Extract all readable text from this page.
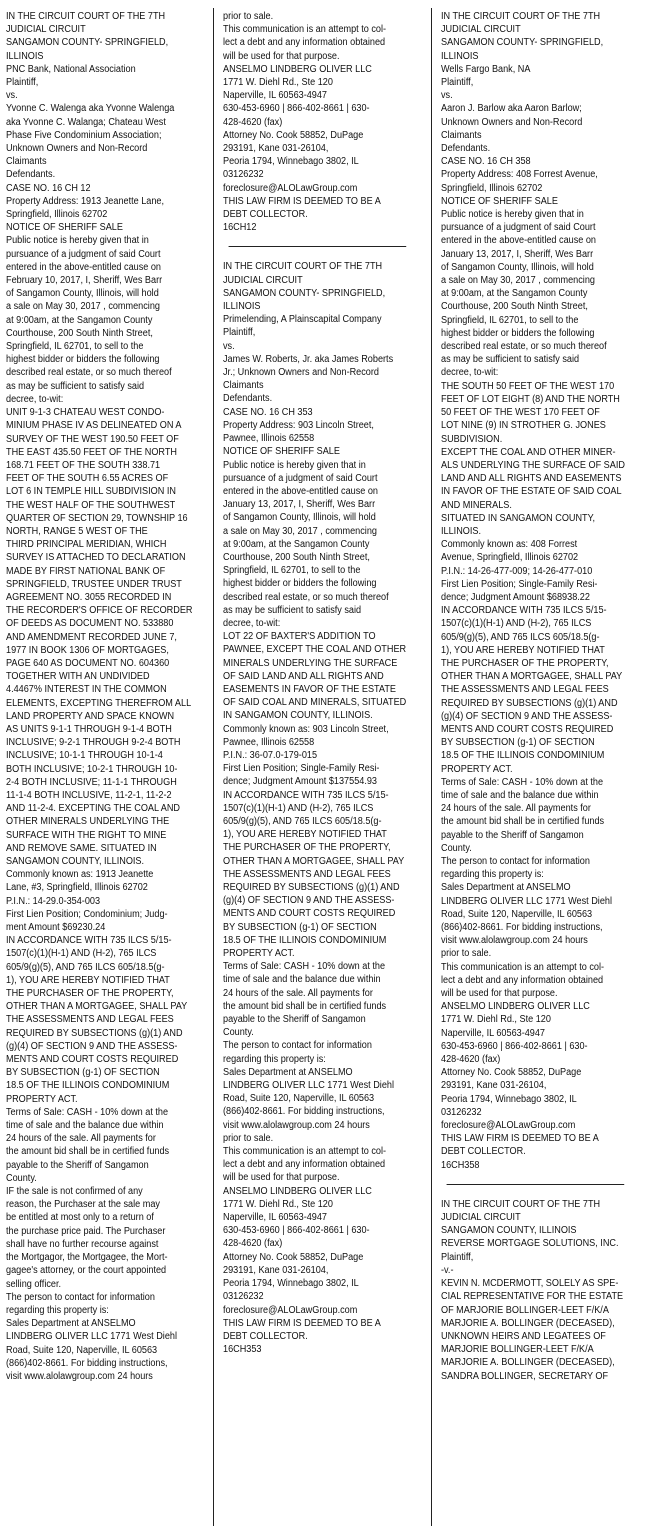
IN THE CIRCUIT COURT OF THE 7TH
JUDICIAL CIRCUIT
SANGAMON COUNTY- SPRINGFIELD,
ILLINOIS
PNC Bank, National Association
Plaintiff,
vs.
Yvonne C. Walenga aka Yvonne Walenga
aka Yvonne C. Walanga; Chateau West
Phase Five Condominium Association;
Unknown Owners and Non-Record
Claimants
Defendants.
CASE NO. 16 CH 12
Property Address: 1913 Jeanette Lane,
Springfield, Illinois 62702
NOTICE OF SHERIFF SALE
Public notice is hereby given that in
pursuance of a judgment of said Court
entered in the above-entitled cause on
February 10, 2017, I, Sheriff, Wes Barr
of Sangamon County, Illinois, will hold
a sale on May 30, 2017 , commencing
at 9:00am, at the Sangamon County
Courthouse, 200 South Ninth Street,
Springfield, IL 62701, to sell to the
highest bidder or bidders the following
described real estate, or so much thereof
as may be sufficient to satisfy said
decree, to-wit:
UNIT 9-1-3 CHATEAU WEST CONDO-
MINIUM PHASE IV AS DELINEATED ON A
SURVEY OF THE WEST 190.50 FEET OF
THE EAST 435.50 FEET OF THE NORTH
168.71 FEET OF THE SOUTH 338.71
FEET OF THE SOUTH 6.55 ACRES OF
LOT 6 IN TEMPLE HILL SUBDIVISION IN
THE WEST HALF OF THE SOUTHWEST
QUARTER OF SECTION 29, TOWNSHIP 16
NORTH, RANGE 5 WEST OF THE
THIRD PRINCIPAL MERIDIAN, WHICH
SURVEY IS ATTACHED TO DECLARATION
MADE BY FIRST NATIONAL BANK OF
SPRINGFIELD, TRUSTEE UNDER TRUST
AGREEMENT NO. 3055 RECORDED IN
THE RECORDER'S OFFICE OF RECORDER
OF DEEDS AS DOCUMENT NO. 533880
AND AMENDMENT RECORDED JUNE 7,
1977 IN BOOK 1306 OF MORTGAGES,
PAGE 640 AS DOCUMENT NO. 604360
TOGETHER WITH AN UNDIVIDED
4.4467% INTEREST IN THE COMMON
ELEMENTS, EXCEPTING THEREFROM ALL
LAND PROPERTY AND SPACE KNOWN
AS UNITS 9-1-1 THROUGH 9-1-4 BOTH
INCLUSIVE; 9-2-1 THROUGH 9-2-4 BOTH
INCLUSIVE; 10-1-1 THROUGH 10-1-4
BOTH INCLUSIVE; 10-2-1 THROUGH 10-
2-4 BOTH INCLUSIVE; 11-1-1 THROUGH
11-1-4 BOTH INCLUSIVE, 11-2-1, 11-2-2
AND 11-2-4. EXCEPTING THE COAL AND
OTHER MINERALS UNDERLYING THE
SURFACE WITH THE RIGHT TO MINE
AND REMOVE SAME. SITUATED IN
SANGAMON COUNTY, ILLINOIS.
Commonly known as: 1913 Jeanette
Lane, #3, Springfield, Illinois 62702
P.I.N.: 14-29.0-354-003
First Lien Position; Condominium; Judg-
ment Amount $69230.24
IN ACCORDANCE WITH 735 ILCS 5/15-
1507(c)(1)(H-1) AND (H-2), 765 ILCS
605/9(g)(5), AND 765 ILCS 605/18.5(g-
1), YOU ARE HEREBY NOTIFIED THAT
THE PURCHASER OF THE PROPERTY,
OTHER THAN A MORTGAGEE, SHALL PAY
THE ASSESSMENTS AND LEGAL FEES
REQUIRED BY SUBSECTIONS (g)(1) AND
(g)(4) OF SECTION 9 AND THE ASSESS-
MENTS AND COURT COSTS REQUIRED
BY SUBSECTION (g-1) OF SECTION
18.5 OF THE ILLINOIS CONDOMINIUM
PROPERTY ACT.
Terms of Sale: CASH - 10% down at the
time of sale and the balance due within
24 hours of the sale. All payments for
the amount bid shall be in certified funds
payable to the Sheriff of Sangamon
County.
IF the sale is not confirmed of any
reason, the Purchaser at the sale may
be entitled at most only to a return of
the purchase price paid. The Purchaser
shall have no further recourse against
the Mortgagor, the Mortgagee, the Mort-
gagee's attorney, or the court appointed
selling officer.
The person to contact for information
regarding this property is:
Sales Department at ANSELMO
LINDBERG OLIVER LLC 1771 West Diehl
Road, Suite 120, Naperville, IL 60563
(866)402-8661. For bidding instructions,
visit www.alolawgroup.com 24 hours
prior to sale.
This communication is an attempt to col-
lect a debt and any information obtained
will be used for that purpose.
ANSELMO LINDBERG OLIVER LLC
1771 W. Diehl Rd., Ste 120
Naperville, IL 60563-4947
630-453-6960 | 866-402-8661 | 630-
428-4620 (fax)
Attorney No. Cook 58852, DuPage
293191, Kane 031-26104,
Peoria 1794, Winnebago 3802, IL
03126232
foreclosure@ALOLawGroup.com
THIS LAW FIRM IS DEEMED TO BE A
DEBT COLLECTOR.
16CH12
IN THE CIRCUIT COURT OF THE 7TH
JUDICIAL CIRCUIT
SANGAMON COUNTY- SPRINGFIELD,
ILLINOIS
Primelending, A Plainscapital Company
Plaintiff,
vs.
James W. Roberts, Jr. aka James Roberts
Jr.; Unknown Owners and Non-Record
Claimants
Defendants.
CASE NO. 16 CH 353
Property Address: 903 Lincoln Street,
Pawnee, Illinois 62558
NOTICE OF SHERIFF SALE
Public notice is hereby given that in
pursuance of a judgment of said Court
entered in the above-entitled cause on
January 13, 2017, I, Sheriff, Wes Barr
of Sangamon County, Illinois, will hold
a sale on May 30, 2017 , commencing
at 9:00am, at the Sangamon County
Courthouse, 200 South Ninth Street,
Springfield, IL 62701, to sell to the
highest bidder or bidders the following
described real estate, or so much thereof
as may be sufficient to satisfy said
decree, to-wit:
LOT 22 OF BAXTER'S ADDITION TO
PAWNEE, EXCEPT THE COAL AND OTHER
MINERALS UNDERLYING THE SURFACE
OF SAID LAND AND ALL RIGHTS AND
EASEMENTS IN FAVOR OF THE ESTATE
OF SAID COAL AND MINERALS, SITUATED
IN SANGAMON COUNTY, ILLINOIS.
Commonly known as: 903 Lincoln Street,
Pawnee, Illinois 62558
P.I.N.: 36-07.0-179-015
First Lien Position; Single-Family Resi-
dence; Judgment Amount $137554.93
IN ACCORDANCE WITH 735 ILCS 5/15-
1507(c)(1)(H-1) AND (H-2), 765 ILCS
605/9(g)(5), AND 765 ILCS 605/18.5(g-
1), YOU ARE HEREBY NOTIFIED THAT
THE PURCHASER OF THE PROPERTY,
OTHER THAN A MORTGAGEE, SHALL PAY
THE ASSESSMENTS AND LEGAL FEES
REQUIRED BY SUBSECTIONS (g)(1) AND
(g)(4) OF SECTION 9 AND THE ASSESS-
MENTS AND COURT COSTS REQUIRED
BY SUBSECTION (g-1) OF SECTION
18.5 OF THE ILLINOIS CONDOMINIUM
PROPERTY ACT.
Terms of Sale: CASH - 10% down at the
time of sale and the balance due within
24 hours of the sale. All payments for
the amount bid shall be in certified funds
payable to the Sheriff of Sangamon
County.
The person to contact for information
regarding this property is:
Sales Department at ANSELMO
LINDBERG OLIVER LLC 1771 West Diehl
Road, Suite 120, Naperville, IL 60563
(866)402-8661. For bidding instructions,
visit www.alolawgroup.com 24 hours
prior to sale.
This communication is an attempt to col-
lect a debt and any information obtained
will be used for that purpose.
ANSELMO LINDBERG OLIVER LLC
1771 W. Diehl Rd., Ste 120
Naperville, IL 60563-4947
630-453-6960 | 866-402-8661 | 630-
428-4620 (fax)
Attorney No. Cook 58852, DuPage
293191, Kane 031-26104,
Peoria 1794, Winnebago 3802, IL
03126232
foreclosure@ALOLawGroup.com
THIS LAW FIRM IS DEEMED TO BE A
DEBT COLLECTOR.
16CH353
IN THE CIRCUIT COURT OF THE 7TH
JUDICIAL CIRCUIT
SANGAMON COUNTY- SPRINGFIELD,
ILLINOIS
Wells Fargo Bank, NA
Plaintiff,
vs.
Aaron J. Barlow aka Aaron Barlow;
Unknown Owners and Non-Record
Claimants
Defendants.
CASE NO. 16 CH 358
Property Address: 408 Forrest Avenue,
Springfield, Illinois 62702
NOTICE OF SHERIFF SALE
Public notice is hereby given that in
pursuance of a judgment of said Court
entered in the above-entitled cause on
January 13, 2017, I, Sheriff, Wes Barr
of Sangamon County, Illinois, will hold
a sale on May 30, 2017 , commencing
at 9:00am, at the Sangamon County
Courthouse, 200 South Ninth Street,
Springfield, IL 62701, to sell to the
highest bidder or bidders the following
described real estate, or so much thereof
as may be sufficient to satisfy said
decree, to-wit:
THE SOUTH 50 FEET OF THE WEST 170
FEET OF LOT EIGHT (8) AND THE NORTH
50 FEET OF THE WEST 170 FEET OF
LOT NINE (9) IN STROTHER G. JONES
SUBDIVISION.
EXCEPT THE COAL AND OTHER MINER-
ALS UNDERLYING THE SURFACE OF SAID
LAND AND ALL RIGHTS AND EASEMENTS
IN FAVOR OF THE ESTATE OF SAID COAL
AND MINERALS.
SITUATED IN SANGAMON COUNTY,
ILLINOIS.
Commonly known as: 408 Forrest
Avenue, Springfield, Illinois 62702
P.I.N.: 14-26-477-009; 14-26-477-010
First Lien Position; Single-Family Resi-
dence; Judgment Amount $68938.22
IN ACCORDANCE WITH 735 ILCS 5/15-
1507(c)(1)(H-1) AND (H-2), 765 ILCS
605/9(g)(5), AND 765 ILCS 605/18.5(g-
1), YOU ARE HEREBY NOTIFIED THAT
THE PURCHASER OF THE PROPERTY,
OTHER THAN A MORTGAGEE, SHALL PAY
THE ASSESSMENTS AND LEGAL FEES
REQUIRED BY SUBSECTIONS (g)(1) AND
(g)(4) OF SECTION 9 AND THE ASSESS-
MENTS AND COURT COSTS REQUIRED
BY SUBSECTION (g-1) OF SECTION
18.5 OF THE ILLINOIS CONDOMINIUM
PROPERTY ACT.
Terms of Sale: CASH - 10% down at the
time of sale and the balance due within
24 hours of the sale. All payments for
the amount bid shall be in certified funds
payable to the Sheriff of Sangamon
County.
The person to contact for information
regarding this property is:
Sales Department at ANSELMO
LINDBERG OLIVER LLC 1771 West Diehl
Road, Suite 120, Naperville, IL 60563
(866)402-8661. For bidding instructions,
visit www.alolawgroup.com 24 hours
prior to sale.
This communication is an attempt to col-
lect a debt and any information obtained
will be used for that purpose.
ANSELMO LINDBERG OLIVER LLC
1771 W. Diehl Rd., Ste 120
Naperville, IL 60563-4947
630-453-6960 | 866-402-8661 | 630-
428-4620 (fax)
Attorney No. Cook 58852, DuPage
293191, Kane 031-26104,
Peoria 1794, Winnebago 3802, IL
03126232
foreclosure@ALOLawGroup.com
THIS LAW FIRM IS DEEMED TO BE A
DEBT COLLECTOR.
16CH358
IN THE CIRCUIT COURT OF THE 7TH
JUDICIAL CIRCUIT
SANGAMON COUNTY, ILLINOIS
REVERSE MORTGAGE SOLUTIONS, INC.
Plaintiff,
-v.-
KEVIN N. MCDERMOTT, SOLELY AS SPE-
CIAL REPRESENTATIVE FOR THE ESTATE
OF MARJORIE BOLLINGER-LEET F/K/A
MARJORIE A. BOLLINGER (DECEASED),
UNKNOWN HEIRS AND LEGATEES OF
MARJORIE BOLLINGER-LEET F/K/A
MARJORIE A. BOLLINGER (DECEASED),
SANDRA BOLLINGER, SECRETARY OF
